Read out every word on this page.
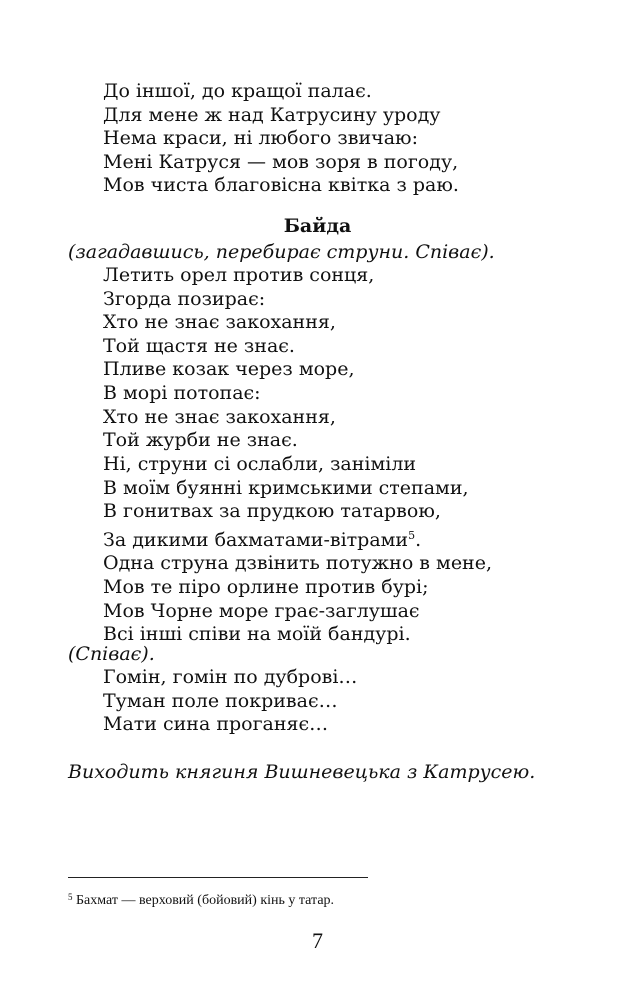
До іншої, до кращої палає.
Для мене ж над Катрусину уроду
Нема краси, ні любого звичаю:
Мені Катруся — мов зоря в погоду,
Мов чиста благовісна квітка з раю.
Байда
(загадавшись, перебирає струни. Співає).
Летить орел против сонця,
Згорда позирає:
Хто не знає закохання,
Той щастя не знає.
Пливе козак через море,
В морі потопає:
Хто не знає закохання,
Той журби не знає.
Ні, струни сі ослабли, заніміли
В моїм буянні кримськими степами,
В гонитвах за прудкою татарвою,
За дикими бахматами-вітрами$^5$.
Одна струна дзвінить потужно в мене,
Мов те піро орлине против бурі;
Мов Чорне море грає-заглушає
Всі інші співи на моїй бандурі.
(Співає).
Гомін, гомін по дуброві…
Туман поле покриває…
Мати сина проганяє…
Виходить княгиня Вишневецька з Катрусею.
$^5$ Бахмат — верховий (бойовий) кінь у татар.
7
